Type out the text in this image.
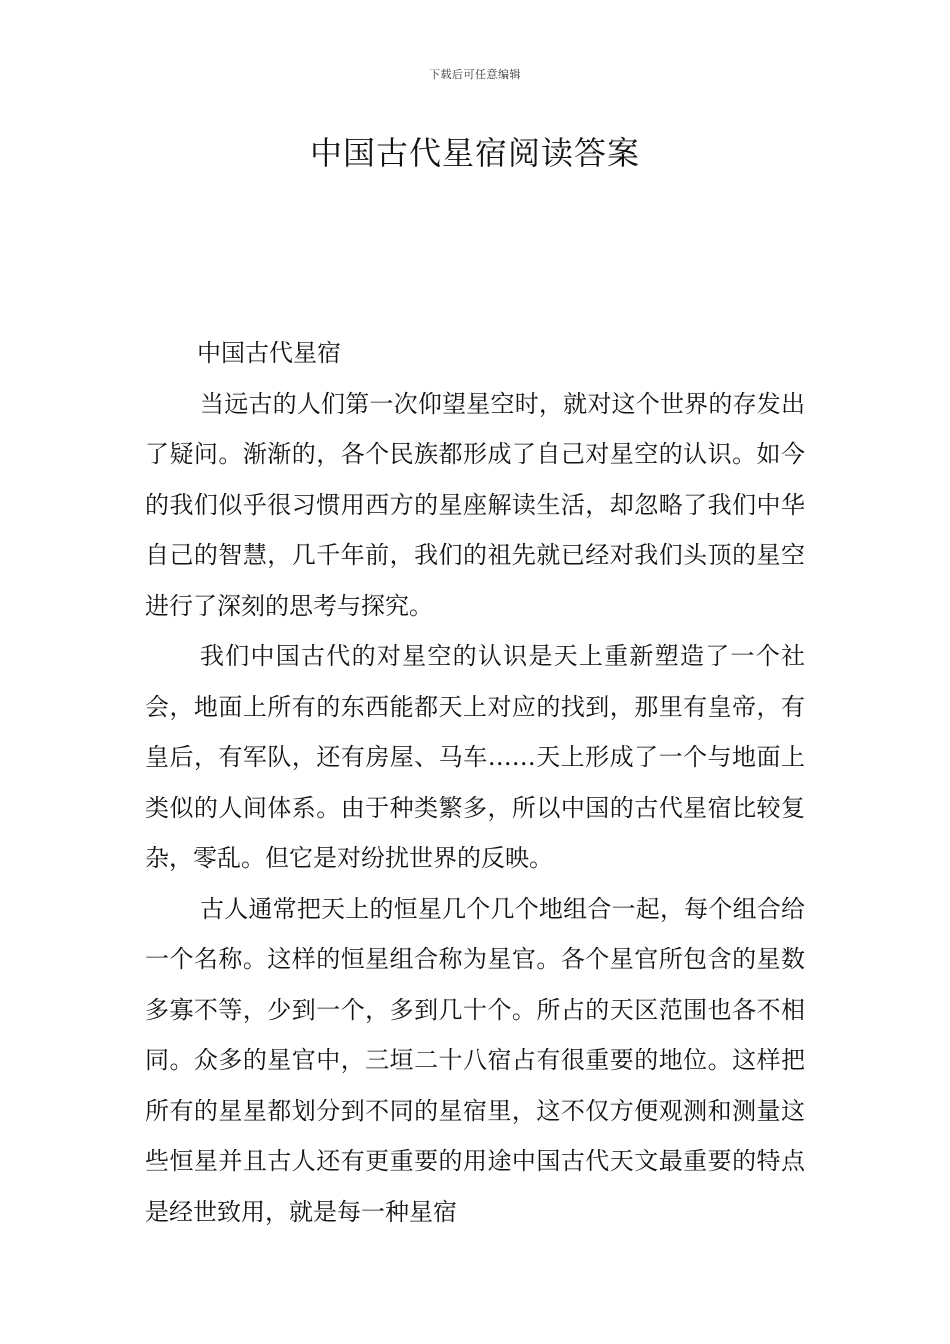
下载后可任意编辑
中国古代星宿阅读答案

中国古代星宿

当远古的人们第一次仰望星空时，就对这个世界的存发出了疑问。渐渐的，各个民族都形成了自己对星空的认识。如今的我们似乎很习惯用西方的星座解读生活，却忽略了我们中华自己的智慧，几千年前，我们的祖先就已经对我们头顶的星空进行了深刻的思考与探究。

我们中国古代的对星空的认识是天上重新塑造了一个社会，地面上所有的东西能都天上对应的找到，那里有皇帝，有皇后，有军队，还有房屋、马车……天上形成了一个与地面上类似的人间体系。由于种类繁多，所以中国的古代星宿比较复杂，零乱。但它是对纷扰世界的反映。

古人通常把天上的恒星几个几个地组合一起，每个组合给一个名称。这样的恒星组合称为星官。各个星官所包含的星数多寡不等，少到一个，多到几十个。所占的天区范围也各不相同。众多的星官中，三垣二十八宿占有很重要的地位。这样把所有的星星都划分到不同的星宿里，这不仅方便观测和测量这些恒星并且古人还有更重要的用途中国古代天文最重要的特点是经世致用，就是每一种星宿
